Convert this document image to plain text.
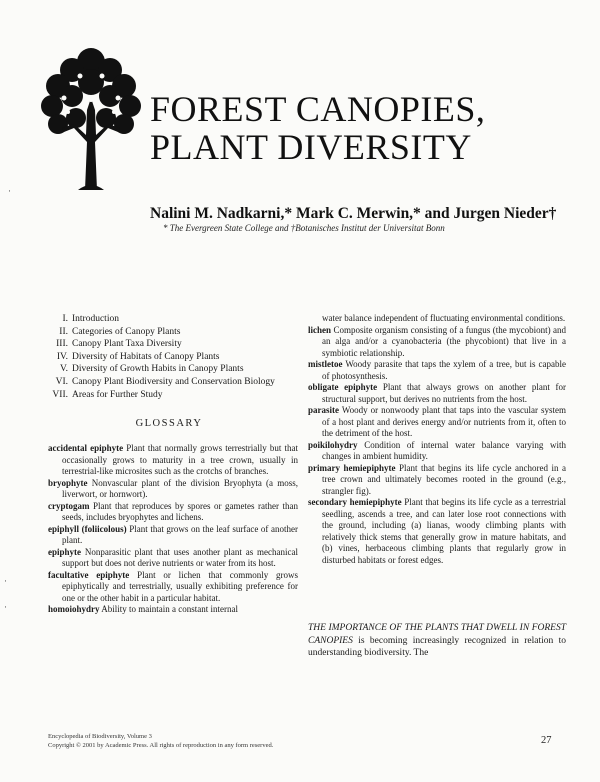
FOREST CANOPIES,
PLANT DIVERSITY
Nalini M. Nadkarni,* Mark C. Merwin,* and Jurgen Nieder†
* The Evergreen State College and †Botanisches Institut der Universitat Bonn
I. Introduction
II. Categories of Canopy Plants
III. Canopy Plant Taxa Diversity
IV. Diversity of Habitats of Canopy Plants
V. Diversity of Growth Habits in Canopy Plants
VI. Canopy Plant Biodiversity and Conservation Biology
VII. Areas for Further Study
GLOSSARY

accidental epiphyte Plant that normally grows terrestrially but that occasionally grows to maturity in a tree crown, usually in terrestrial-like microsites such as the crotchs of branches.

bryophyte Nonvascular plant of the division Bryophyta (a moss, liverwort, or hornwort).

cryptogam Plant that reproduces by spores or gametes rather than seeds, includes bryophytes and lichens.

epiphyll (foliicolous) Plant that grows on the leaf surface of another plant.

epiphyte Nonparasitic plant that uses another plant as mechanical support but does not derive nutrients or water from its host.

facultative epiphyte Plant or lichen that commonly grows epiphytically and terrestrially, usually exhibiting preference for one or the other habit in a particular habitat.

homoiohydry Ability to maintain a constant internal

water balance independent of fluctuating environmental conditions.

lichen Composite organism consisting of a fungus (the mycobiont) and an alga and/or a cyanobacteria (the phycobiont) that live in a symbiotic relationship.

mistletoe Woody parasite that taps the xylem of a tree, but is capable of photosynthesis.

obligate epiphyte Plant that always grows on another plant for structural support, but derives no nutrients from the host.

parasite Woody or nonwoody plant that taps into the vascular system of a host plant and derives energy and/or nutrients from it, often to the detriment of the host.

poikilohydry Condition of internal water balance varying with changes in ambient humidity.

primary hemiepiphyte Plant that begins its life cycle anchored in a tree crown and ultimately becomes rooted in the ground (e.g., strangler fig).

secondary hemiepiphyte Plant that begins its life cycle as a terrestrial seedling, ascends a tree, and can later lose root connections with the ground, including (a) lianas, woody climbing plants with relatively thick stems that generally grow in mature habitats, and (b) vines, herbaceous climbing plants that regularly grow in disturbed habitats or forest edges.

THE IMPORTANCE OF THE PLANTS THAT DWELL IN FOREST CANOPIES is becoming increasingly recognized in relation to understanding biodiversity. The

Encyclopedia of Biodiversity, Volume 3
Copyright © 2001 by Academic Press. All rights of reproduction in any form reserved.	27
·
·
·
